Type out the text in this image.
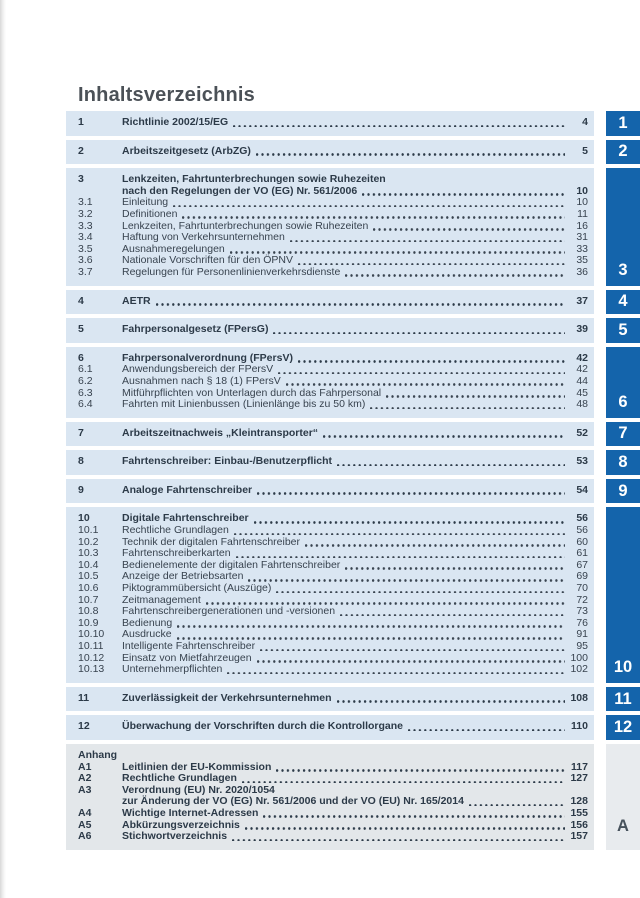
Inhaltsverzeichnis
1	Richtlinie 2002/15/EG	4 1
2	Arbeitszeitgesetz (ArbZG)	5 2
3	Lenkzeiten, Fahrtunterbrechungen sowie Ruhezeiten
nach den Regelungen der VO (EG) Nr. 561/2006	10
3.1	Einleitung	10
3.2	Definitionen	11
3.3	Lenkzeiten, Fahrtunterbrechungen sowie Ruhezeiten	16
3.4	Haftung von Verkehrsunternehmen	31
3.5	Ausnahmeregelungen	33
3.6	Nationale Vorschriften für den ÖPNV	35
3.7	Regelungen für Personenlinienverkehrsdienste	36 3
4	AETR	37 4
5	Fahrpersonalgesetz (FPersG)	39 5
6	Fahrpersonalverordnung (FPersV)	42
6.1	Anwendungsbereich der FPersV	42
6.2	Ausnahmen nach § 18 (1) FPersV	44
6.3	Mitführpflichten von Unterlagen durch das Fahrpersonal	45
6.4	Fahrten mit Linienbussen (Linienlänge bis zu 50 km)	48 6
7	Arbeitszeitnachweis „Kleintransporter“	52 7
8	Fahrtenschreiber: Einbau-/Benutzerpflicht	53 8
9	Analoge Fahrtenschreiber	54 9
10	Digitale Fahrtenschreiber	56
10.1	Rechtliche Grundlagen	56
10.2	Technik der digitalen Fahrtenschreiber	60
10.3	Fahrtenschreiberkarten	61
10.4	Bedienelemente der digitalen Fahrtenschreiber	67
10.5	Anzeige der Betriebsarten	69
10.6	Piktogrammübersicht (Auszüge)	70
10.7	Zeitmanagement	72
10.8	Fahrtenschreibergenerationen und -versionen	73
10.9	Bedienung	76
10.10	Ausdrucke	91
10.11	Intelligente Fahrtenschreiber	95
10.12	Einsatz von Mietfahrzeugen	100
10.13	Unternehmerpflichten	102 10
11	Zuverlässigkeit der Verkehrsunternehmen	108 11
12	Überwachung der Vorschriften durch die Kontrollorgane	110 12
Anhang
A1	Leitlinien der EU-Kommission	117
A2	Rechtliche Grundlagen	127
A3	Verordnung (EU) Nr. 2020/1054
zur Änderung der VO (EG) Nr. 561/2006 und der VO (EU) Nr. 165/2014	128
A4	Wichtige Internet-Adressen	155
A5	Abkürzungsverzeichnis	156
A6	Stichwortverzeichnis	157
A
